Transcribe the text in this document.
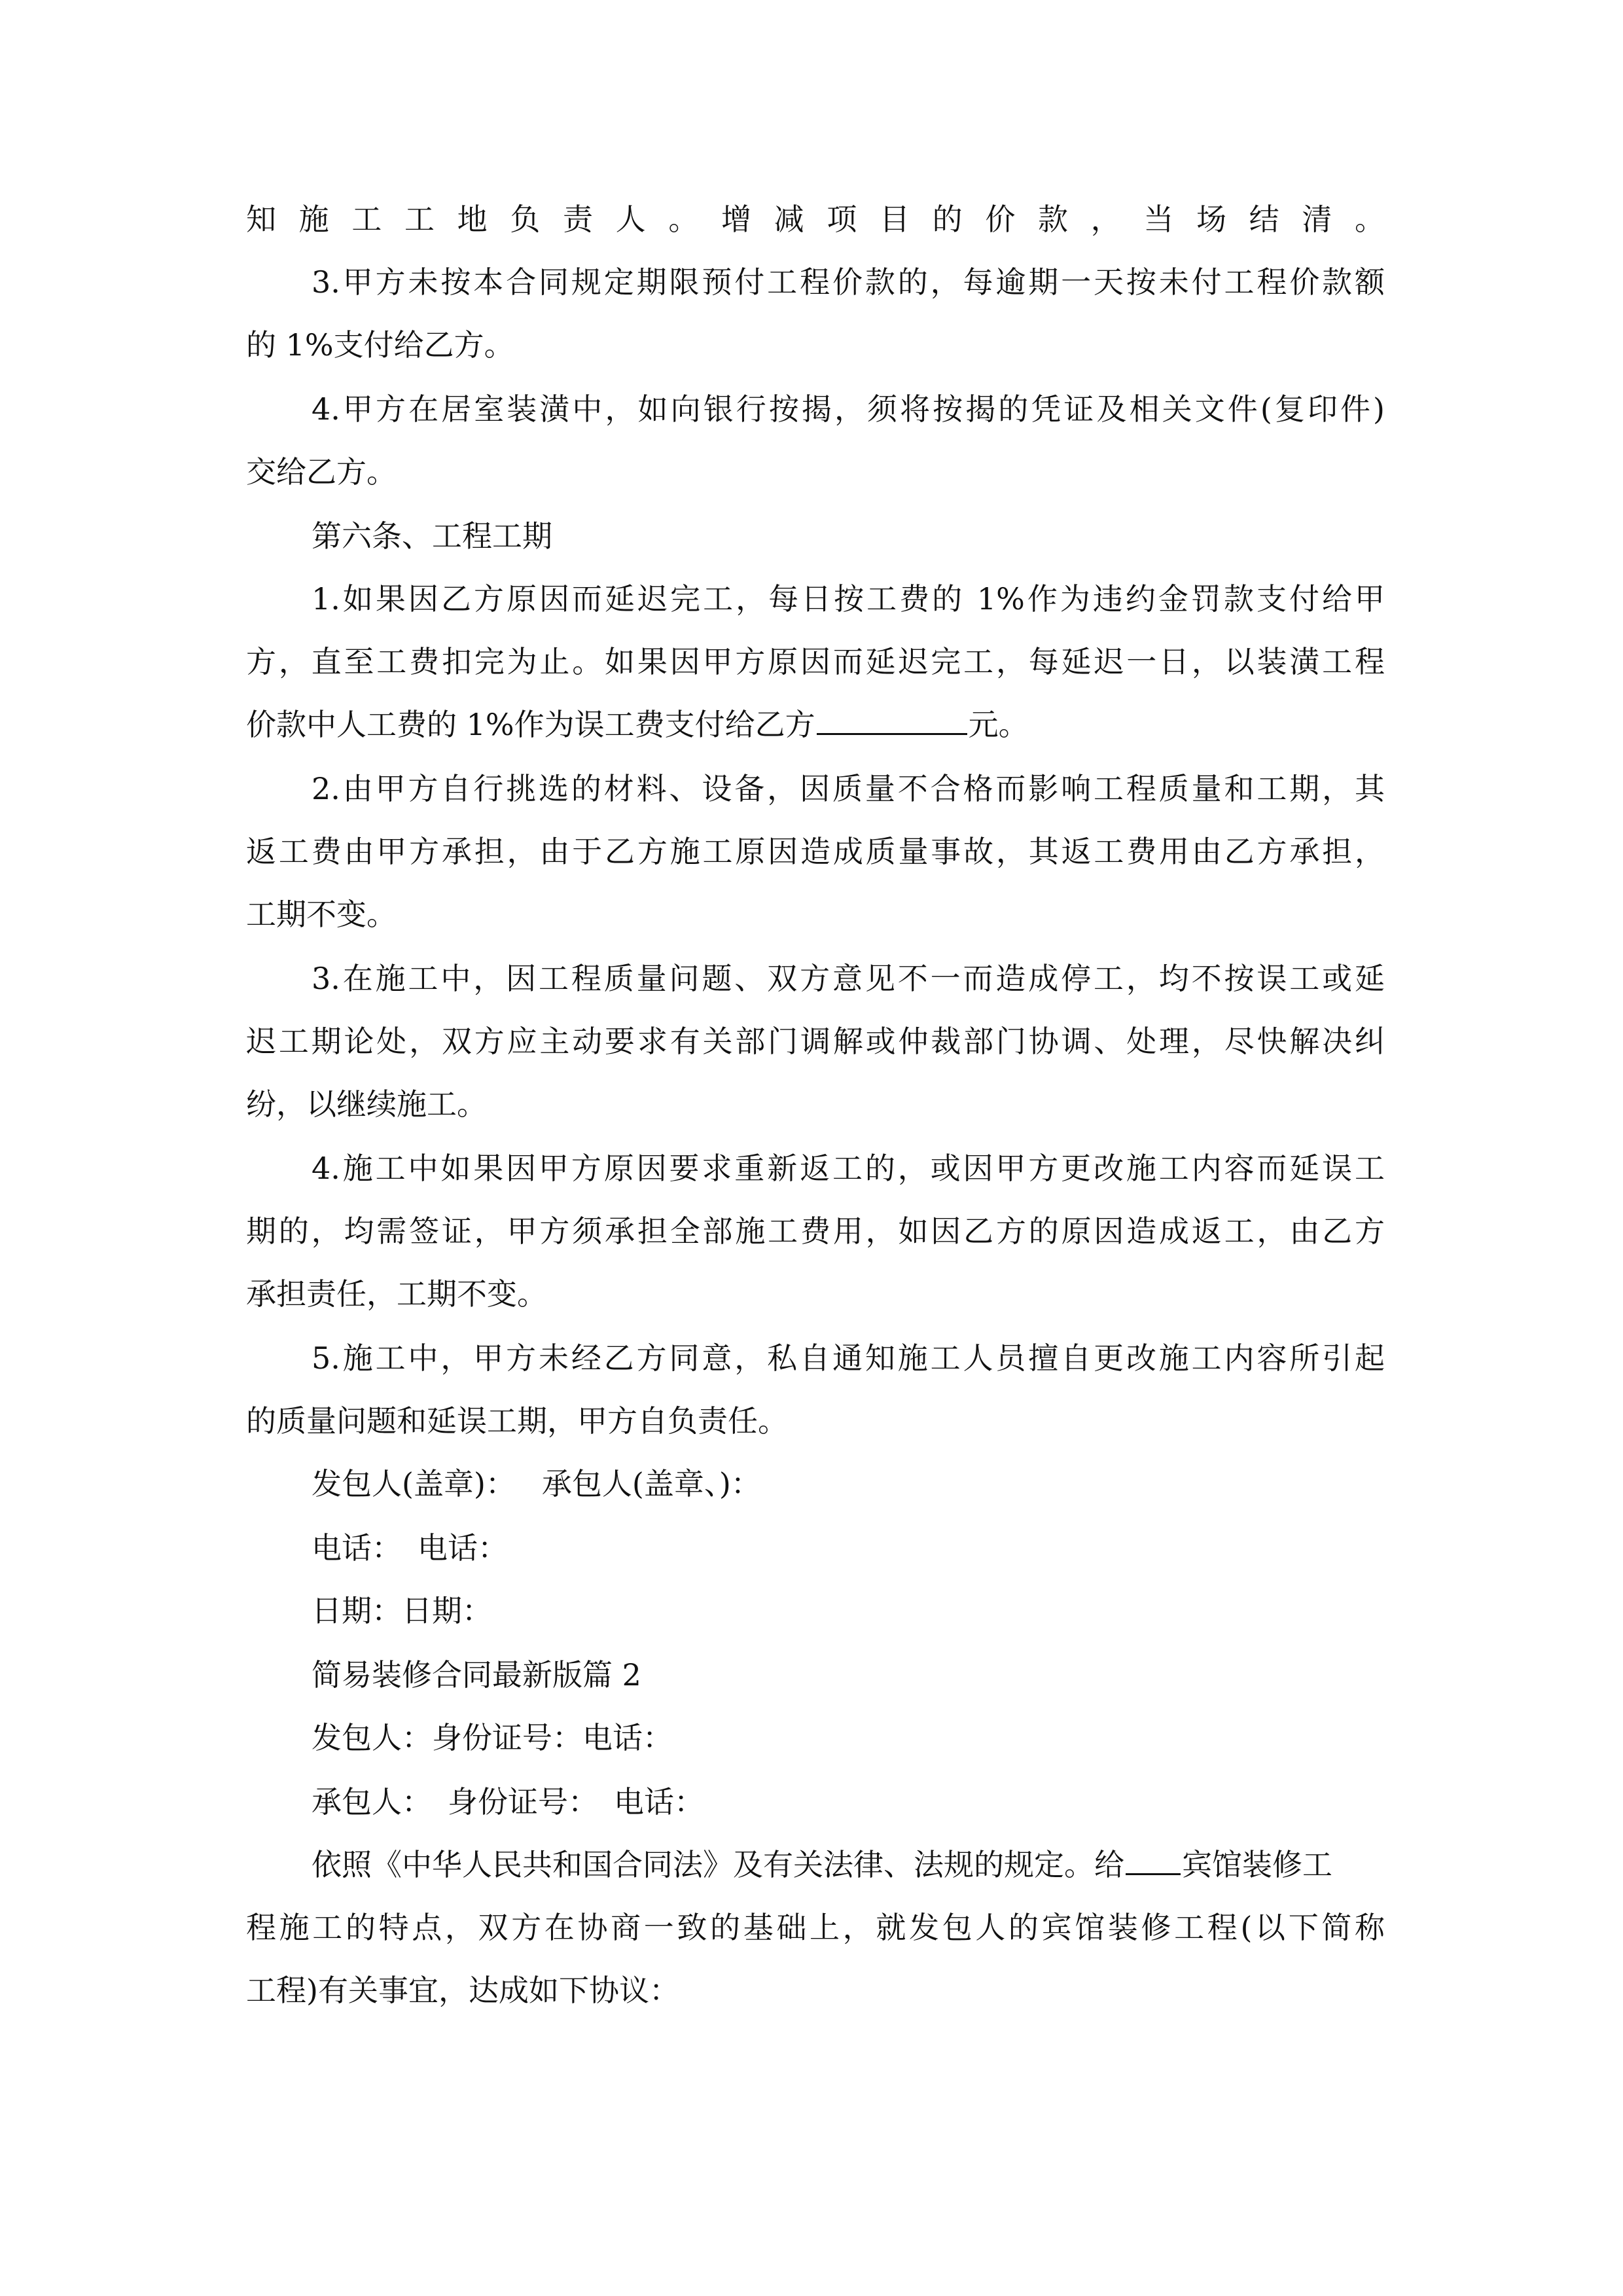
知施工工地负责人。增减项目的价款，当场结清。
3.甲方未按本合同规定期限预付工程价款的，每逾期一天按未付工程价款额
的 1%支付给乙方。
4.甲方在居室装潢中，如向银行按揭，须将按揭的凭证及相关文件(复印件)
交给乙方。
第六条、工程工期
1.如果因乙方原因而延迟完工，每日按工费的 1%作为违约金罚款支付给甲
方，直至工费扣完为止。如果因甲方原因而延迟完工，每延迟一日，以装潢工程
价款中人工费的 1%作为误工费支付给乙方	元。
2.由甲方自行挑选的材料、设备，因质量不合格而影响工程质量和工期，其
返工费由甲方承担，由于乙方施工原因造成质量事故，其返工费用由乙方承担，
工期不变。
3.在施工中，因工程质量问题、双方意见不一而造成停工，均不按误工或延
迟工期论处，双方应主动要求有关部门调解或仲裁部门协调、处理，尽快解决纠
纷，以继续施工。
4.施工中如果因甲方原因要求重新返工的，或因甲方更改施工内容而延误工
期的，均需签证，甲方须承担全部施工费用，如因乙方的原因造成返工，由乙方
承担责任，工期不变。
5.施工中，甲方未经乙方同意，私自通知施工人员擅自更改施工内容所引起
的质量问题和延误工期，甲方自负责任。
发包人(盖章)： 承包人(盖章、)：
电话： 电话：
日期：日期：
简易装修合同最新版篇 2
发包人：身份证号：电话：
承包人： 身份证号： 电话：
依照《中华人民共和国合同法》及有关法律、法规的规定。给 宾馆装修工
程施工的特点，双方在协商一致的基础上，就发包人的宾馆装修工程(以下简称
工程)有关事宜，达成如下协议：
